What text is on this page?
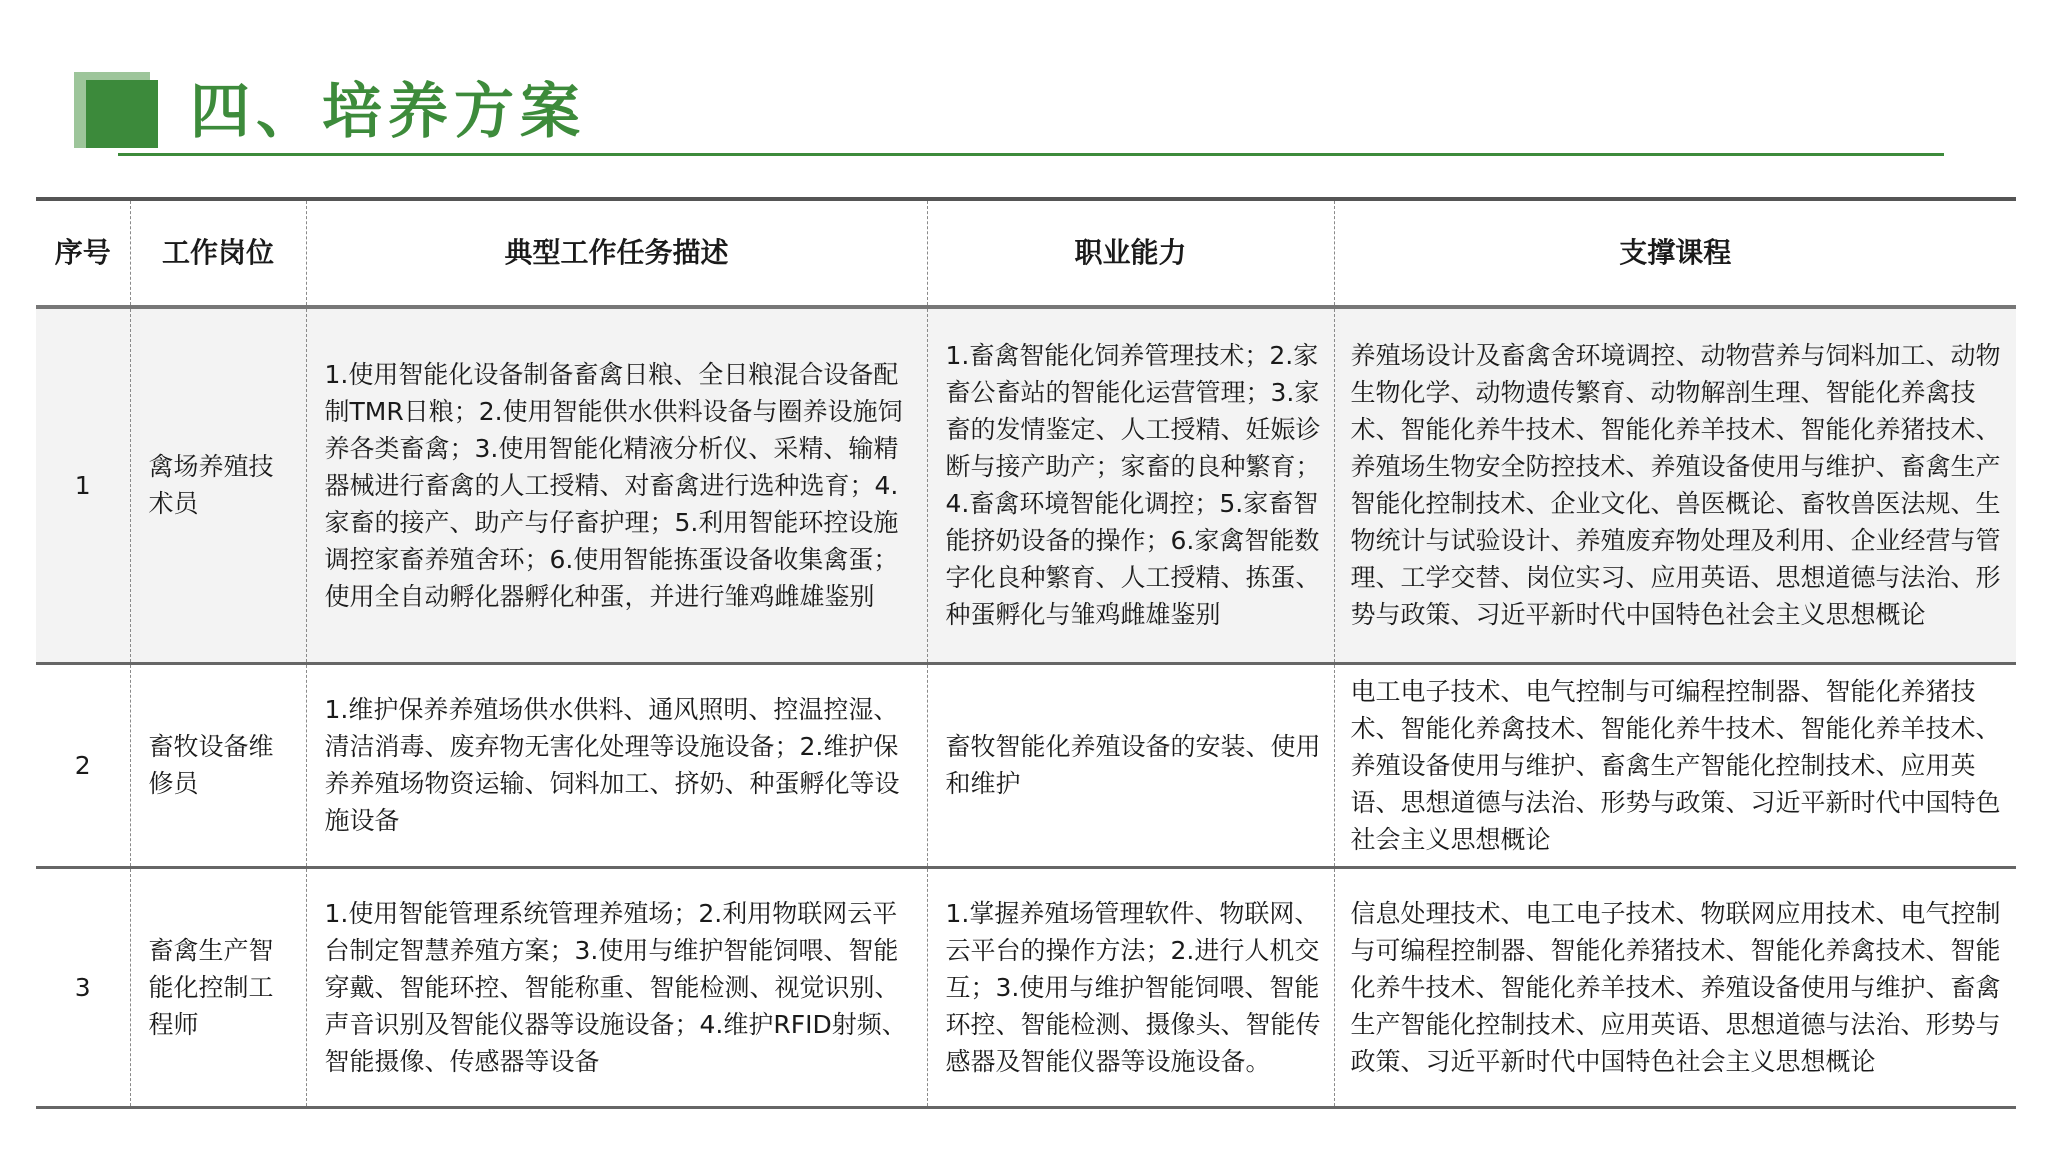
四、培养方案
序号	工作岗位	典型工作任务描述	职业能力	支撑课程
1	禽场养殖技术员	1.使用智能化设备制备畜禽日粮、全日粮混合设备配制TMR日粮；2.使用智能供水供料设备与圈养设施饲养各类畜禽；3.使用智能化精液分析仪、采精、输精器械进行畜禽的人工授精、对畜禽进行选种选育；4.家畜的接产、助产与仔畜护理；5.利用智能环控设施调控家畜养殖舍环；6.使用智能拣蛋设备收集禽蛋；使用全自动孵化器孵化种蛋，并进行雏鸡雌雄鉴别	1.畜禽智能化饲养管理技术；2.家畜公畜站的智能化运营管理；3.家畜的发情鉴定、人工授精、妊娠诊断与接产助产；家畜的良种繁育；4.畜禽环境智能化调控；5.家畜智能挤奶设备的操作；6.家禽智能数字化良种繁育、人工授精、拣蛋、种蛋孵化与雏鸡雌雄鉴别	养殖场设计及畜禽舍环境调控、动物营养与饲料加工、动物生物化学、动物遗传繁育、动物解剖生理、智能化养禽技术、智能化养牛技术、智能化养羊技术、智能化养猪技术、养殖场生物安全防控技术、养殖设备使用与维护、畜禽生产智能化控制技术、企业文化、兽医概论、畜牧兽医法规、生物统计与试验设计、养殖废弃物处理及利用、企业经营与管理、工学交替、岗位实习、应用英语、思想道德与法治、形势与政策、习近平新时代中国特色社会主义思想概论
2	畜牧设备维修员	1.维护保养养殖场供水供料、通风照明、控温控湿、清洁消毒、废弃物无害化处理等设施设备；2.维护保养养殖场物资运输、饲料加工、挤奶、种蛋孵化等设施设备	畜牧智能化养殖设备的安装、使用和维护	电工电子技术、电气控制与可编程控制器、智能化养猪技术、智能化养禽技术、智能化养牛技术、智能化养羊技术、养殖设备使用与维护、畜禽生产智能化控制技术、应用英语、思想道德与法治、形势与政策、习近平新时代中国特色社会主义思想概论
3	畜禽生产智能化控制工程师	1.使用智能管理系统管理养殖场；2.利用物联网云平台制定智慧养殖方案；3.使用与维护智能饲喂、智能穿戴、智能环控、智能称重、智能检测、视觉识别、声音识别及智能仪器等设施设备；4.维护RFID射频、智能摄像、传感器等设备	1.掌握养殖场管理软件、物联网、云平台的操作方法；2.进行人机交互；3.使用与维护智能饲喂、智能环控、智能检测、摄像头、智能传感器及智能仪器等设施设备。	信息处理技术、电工电子技术、物联网应用技术、电气控制与可编程控制器、智能化养猪技术、智能化养禽技术、智能化养牛技术、智能化养羊技术、养殖设备使用与维护、畜禽生产智能化控制技术、应用英语、思想道德与法治、形势与政策、习近平新时代中国特色社会主义思想概论
